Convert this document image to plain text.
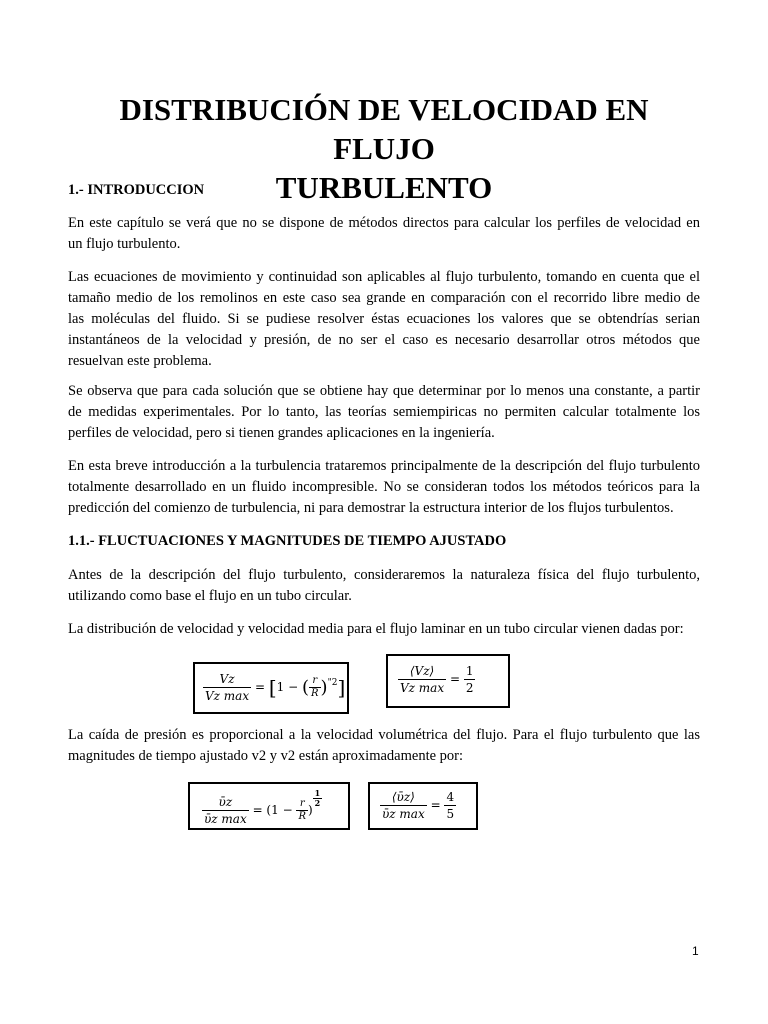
DISTRIBUCIÓN DE VELOCIDAD EN FLUJO
TURBULENTO
1.- INTRODUCCION

En este capítulo se verá que no se dispone de métodos directos para calcular los perfiles de velocidad en
un flujo turbulento.

Las ecuaciones de movimiento y continuidad son aplicables al flujo turbulento, tomando en cuenta que el
tamaño medio de los remolinos en este caso sea grande en comparación con el recorrido libre medio de
las moléculas del fluido. Si se pudiese resolver éstas ecuaciones los valores que se obtendrías serian
instantáneos de la velocidad y presión, de no ser el caso es necesario desarrollar otros métodos que
resuelvan este problema.

Se observa que para cada solución que se obtiene hay que determinar por lo menos una constante, a partir
de medidas experimentales. Por lo tanto, las teorías semiempiricas no permiten calcular totalmente los
perfiles de velocidad, pero si tienen grandes aplicaciones en la ingeniería.

En esta breve introducción a la turbulencia trataremos principalmente de la descripción del flujo turbulento
totalmente desarrollado en un fluido incompresible. No se consideran todos los métodos teóricos para la
predicción del comienzo de turbulencia, ni para demostrar la estructura interior de los flujos turbulentos.

1.1.- FLUCTUACIONES Y MAGNITUDES DE TIEMPO AJUSTADO

Antes de la descripción del flujo turbulento, consideraremos la naturaleza física del flujo turbulento,
utilizando como base el flujo en un tubo circular.

La distribución de velocidad y velocidad media para el flujo laminar en un tubo circular vienen dadas por:

La caída de presión es proporcional a la velocidad volumétrica del flujo. Para el flujo turbulento que las
magnitudes de tiempo ajustado v2 y v2 están aproximadamente por:

$\frac{Vz}{\text{Vz max}} = [1$ − ( $\frac{r}{R} )^{"2}$]	$\frac{⟨Vz⟩}{\text{Vz max}} = \frac{1}{2}$
$\frac{\text{ῡz}}{\text{ῡz max}} = (1 - \frac{r}{R}$ )
$\frac{1}{2}$	$\frac{\text{⟨ῡz⟩}}{\text{ῡz max}} = \frac{4}{5}$
1
